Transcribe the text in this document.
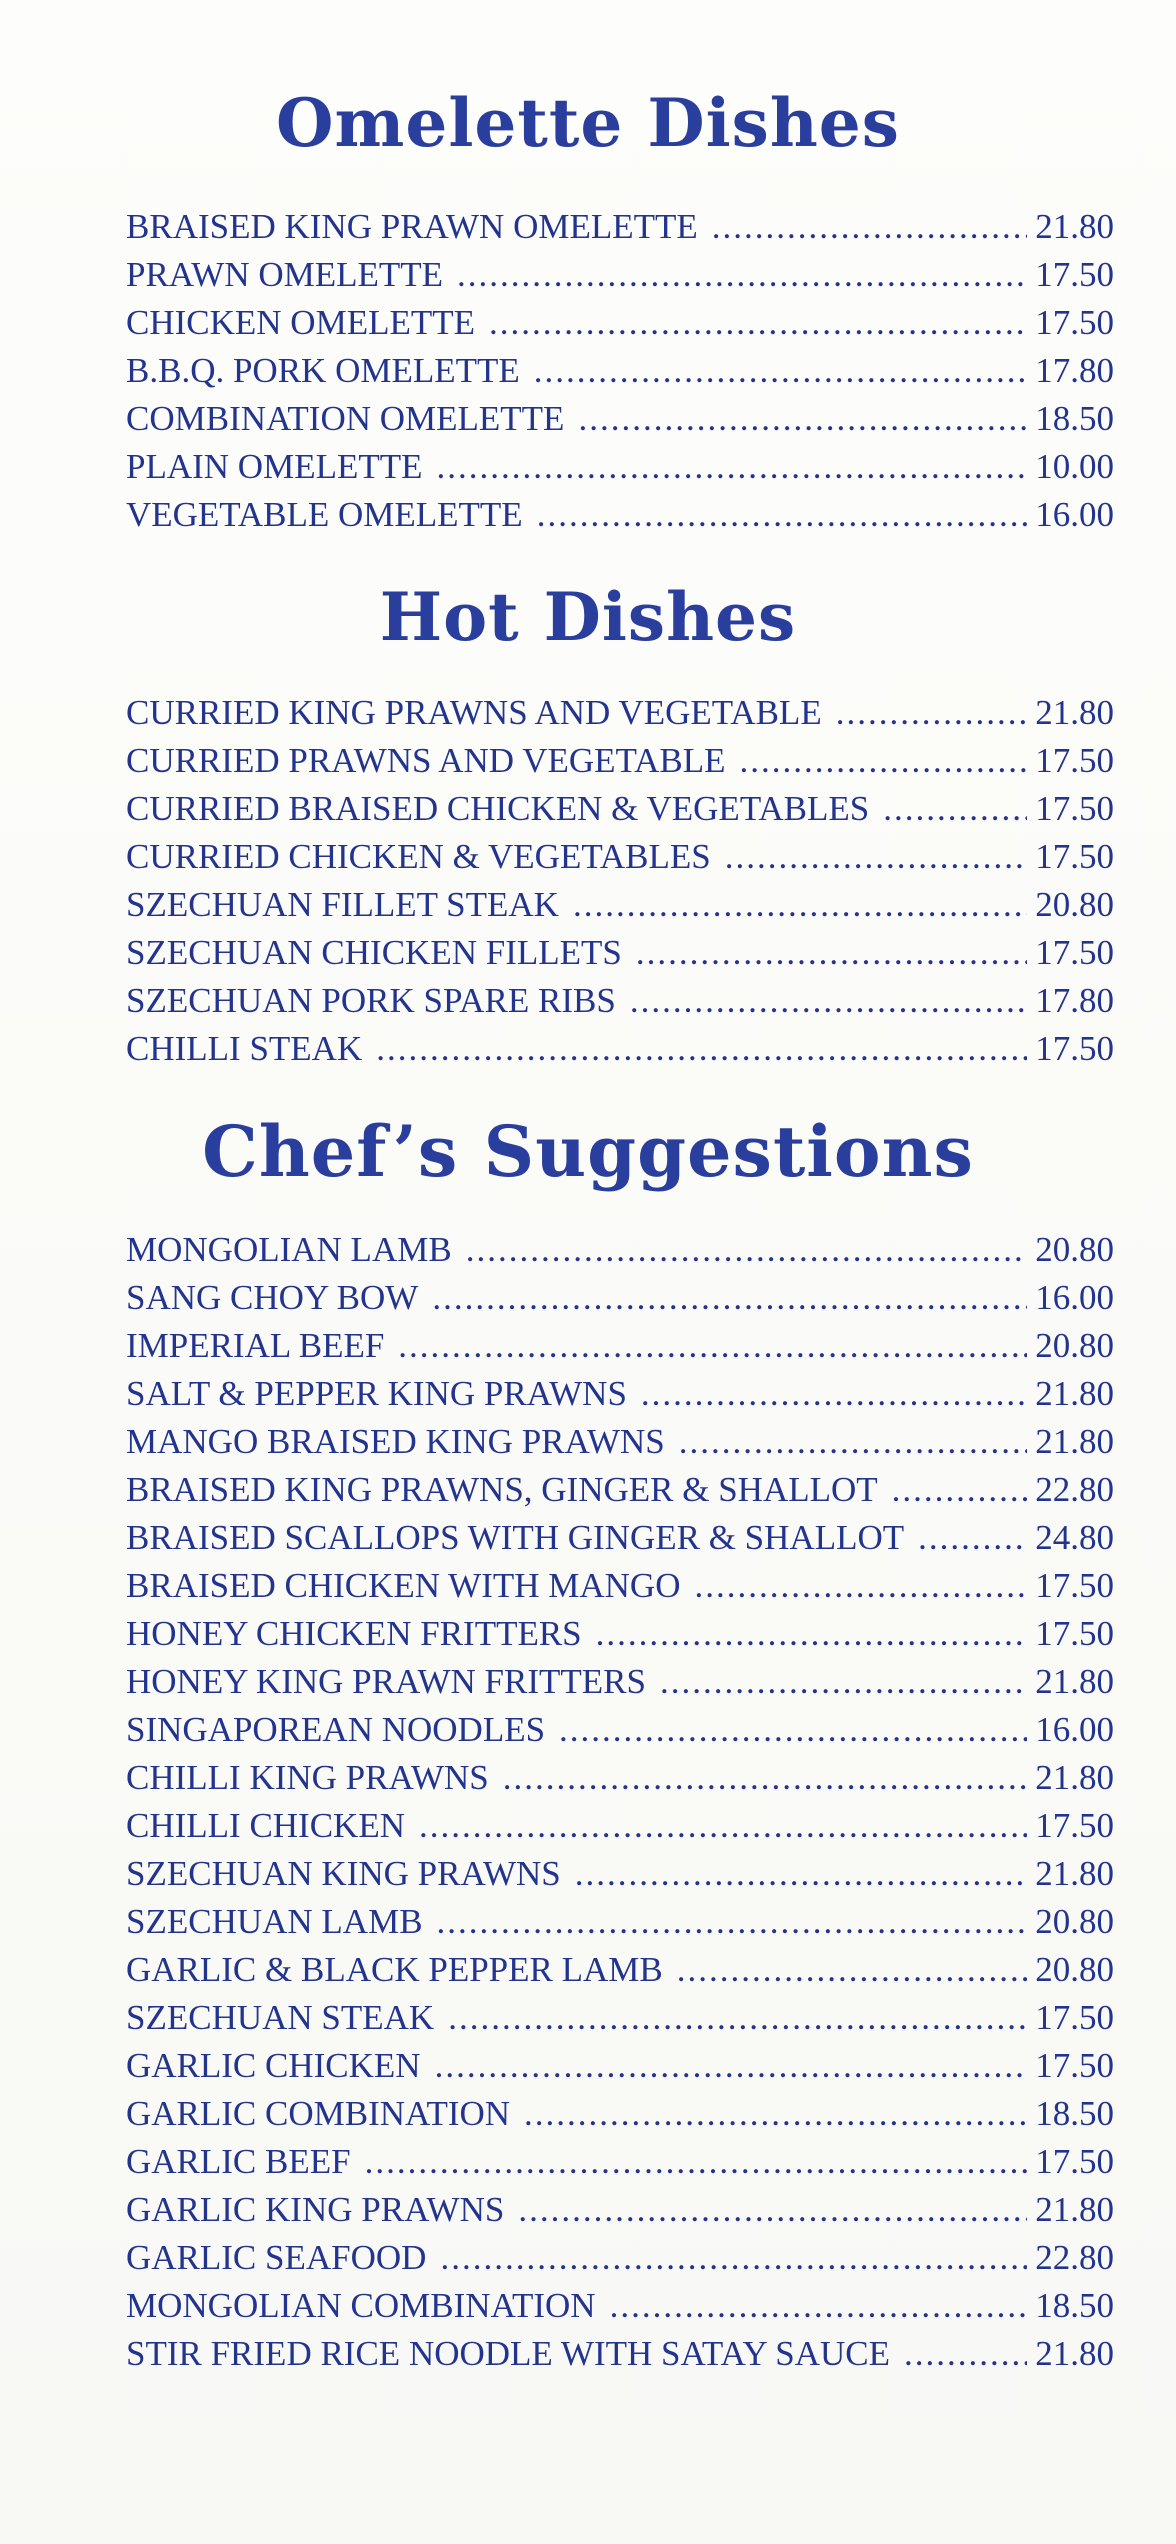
Omelette Dishes
BRAISED KING PRAWN OMELETTE .....	21.80
PRAWN OMELETTE .....	17.50
CHICKEN OMELETTE .....	17.50
B.B.Q. PORK OMELETTE .....	17.80
COMBINATION OMELETTE .....	18.50
PLAIN OMELETTE .....	10.00
VEGETABLE OMELETTE .....	16.00
Hot Dishes
CURRIED KING PRAWNS AND VEGETABLE .....	21.80
CURRIED PRAWNS AND VEGETABLE .....	17.50
CURRIED BRAISED CHICKEN & VEGETABLES .....	17.50
CURRIED CHICKEN & VEGETABLES .....	17.50
SZECHUAN FILLET STEAK .....	20.80
SZECHUAN CHICKEN FILLETS .....	17.50
SZECHUAN PORK SPARE RIBS .....	17.80
CHILLI STEAK .....	17.50
Chef’s Suggestions
MONGOLIAN LAMB .....	20.80
SANG CHOY BOW .....	16.00
IMPERIAL BEEF .....	20.80
SALT & PEPPER KING PRAWNS .....	21.80
MANGO BRAISED KING PRAWNS .....	21.80
BRAISED KING PRAWNS, GINGER & SHALLOT .....	22.80
BRAISED SCALLOPS WITH GINGER & SHALLOT .....	24.80
BRAISED CHICKEN WITH MANGO .....	17.50
HONEY CHICKEN FRITTERS .....	17.50
HONEY KING PRAWN FRITTERS .....	21.80
SINGAPOREAN NOODLES .....	16.00
CHILLI KING PRAWNS .....	21.80
CHILLI CHICKEN .....	17.50
SZECHUAN KING PRAWNS .....	21.80
SZECHUAN LAMB .....	20.80
GARLIC & BLACK PEPPER LAMB .....	20.80
SZECHUAN STEAK .....	17.50
GARLIC CHICKEN .....	17.50
GARLIC COMBINATION .....	18.50
GARLIC BEEF .....	17.50
GARLIC KING PRAWNS .....	21.80
GARLIC SEAFOOD .....	22.80
MONGOLIAN COMBINATION .....	18.50
STIR FRIED RICE NOODLE WITH SATAY SAUCE .....	21.80
